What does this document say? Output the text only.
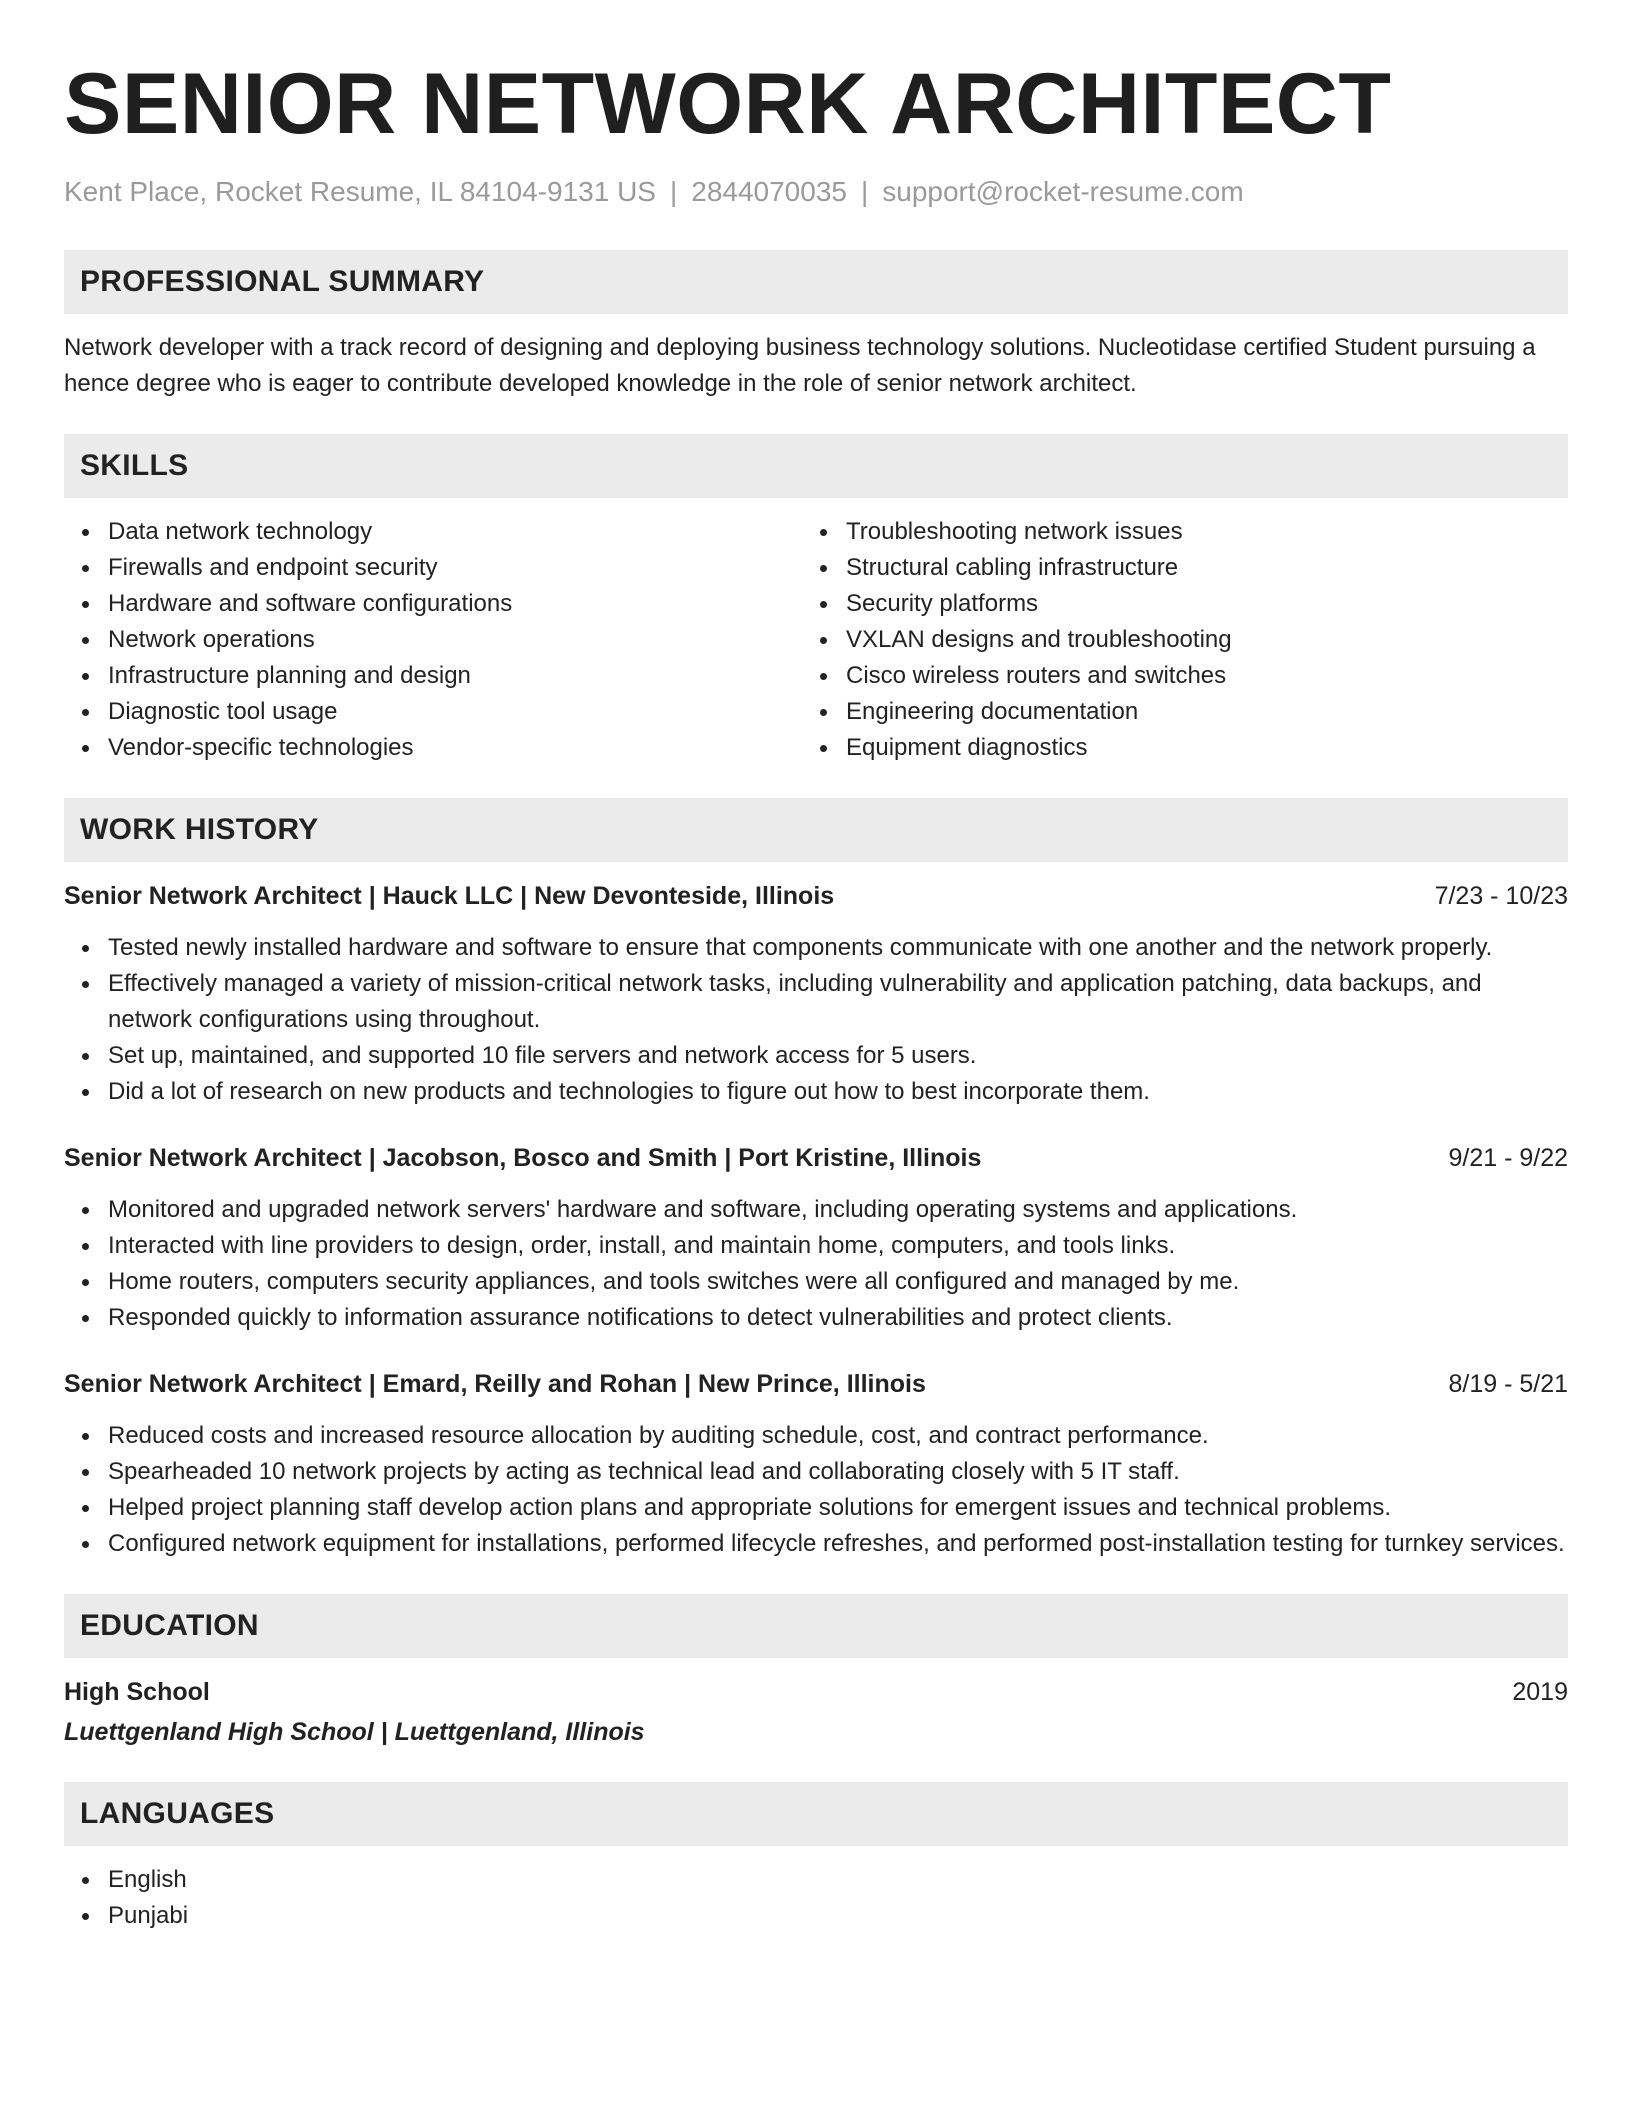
SENIOR NETWORK ARCHITECT
Kent Place, Rocket Resume, IL 84104-9131 US | 2844070035 | support@rocket-resume.com
PROFESSIONAL SUMMARY

Network developer with a track record of designing and deploying business technology solutions. Nucleotidase certified Student pursuing a hence degree who is eager to contribute developed knowledge in the role of senior network architect.

SKILLS
Data network technology
Firewalls and endpoint security
Hardware and software configurations
Network operations
Infrastructure planning and design
Diagnostic tool usage
Vendor-specific technologies
Troubleshooting network issues
Structural cabling infrastructure
Security platforms
VXLAN designs and troubleshooting
Cisco wireless routers and switches
Engineering documentation
Equipment diagnostics
WORK HISTORY
Senior Network Architect | Hauck LLC | New Devonteside, Illinois	7/23 - 10/23
Tested newly installed hardware and software to ensure that components communicate with one another and the network properly.
Effectively managed a variety of mission-critical network tasks, including vulnerability and application patching, data backups, and network configurations using throughout.
Set up, maintained, and supported 10 file servers and network access for 5 users.
Did a lot of research on new products and technologies to figure out how to best incorporate them.
Senior Network Architect | Jacobson, Bosco and Smith | Port Kristine, Illinois	9/21 - 9/22
Monitored and upgraded network servers' hardware and software, including operating systems and applications.
Interacted with line providers to design, order, install, and maintain home, computers, and tools links.
Home routers, computers security appliances, and tools switches were all configured and managed by me.
Responded quickly to information assurance notifications to detect vulnerabilities and protect clients.
Senior Network Architect | Emard, Reilly and Rohan | New Prince, Illinois	8/19 - 5/21
Reduced costs and increased resource allocation by auditing schedule, cost, and contract performance.
Spearheaded 10 network projects by acting as technical lead and collaborating closely with 5 IT staff.
Helped project planning staff develop action plans and appropriate solutions for emergent issues and technical problems.
Configured network equipment for installations, performed lifecycle refreshes, and performed post-installation testing for turnkey services.
EDUCATION
High School	2019
Luettgenland High School | Luettgenland, Illinois
LANGUAGES
English
Punjabi
